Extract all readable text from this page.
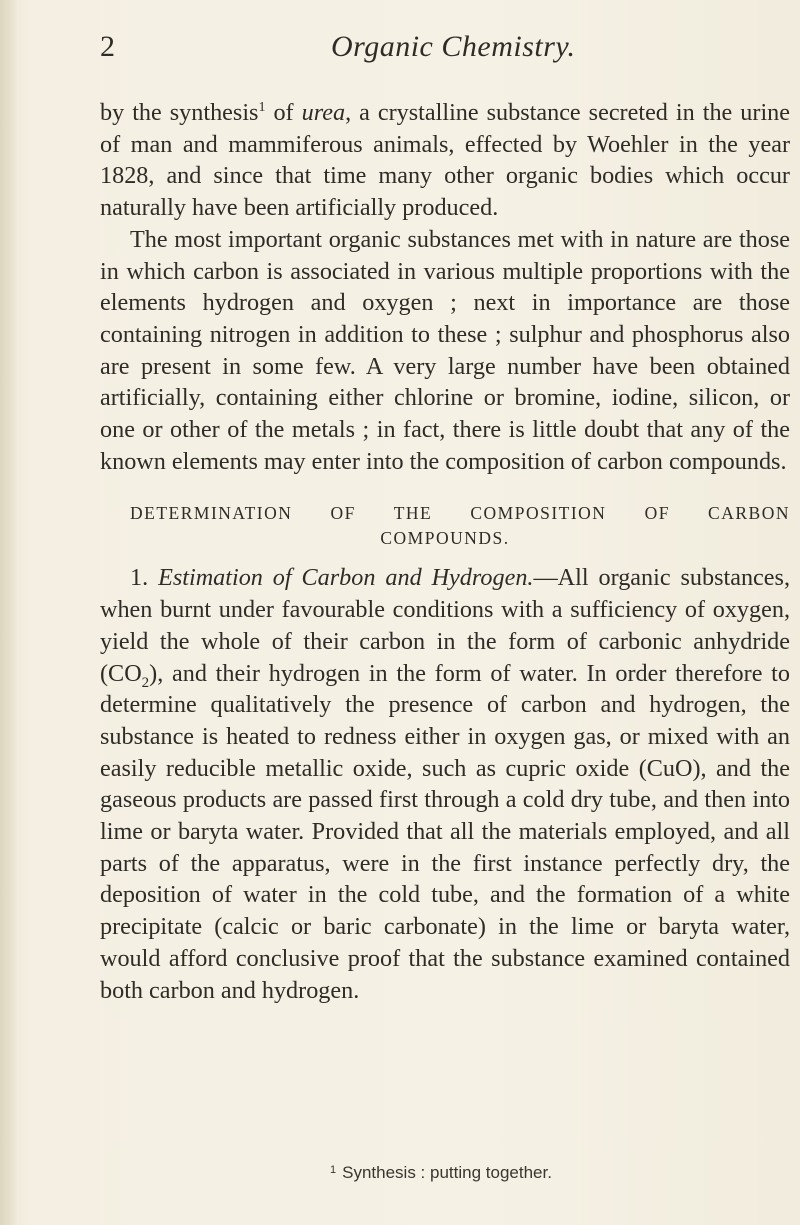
2	Organic Chemistry.

by the synthesis$^1$ of urea, a crystalline substance secreted in the urine of man and mammiferous animals, effected by Woehler in the year 1828, and since that time many other organic bodies which occur naturally have been artificially produced.

The most important organic substances met with in nature are those in which carbon is associated in various multiple proportions with the elements hydrogen and oxygen ; next in importance are those containing nitrogen in addition to these ; sulphur and phosphorus also are present in some few. A very large number have been obtained artificially, containing either chlorine or bromine, iodine, silicon, or one or other of the metals ; in fact, there is little doubt that any of the known elements may enter into the composition of carbon compounds.

DETERMINATION OF THE COMPOSITION OF CARBON
COMPOUNDS.

1. Estimation of Carbon and Hydrogen.—All organic substances, when burnt under favourable conditions with a sufficiency of oxygen, yield the whole of their carbon in the form of carbonic anhydride $(CO_2)$, and their hydrogen in the form of water. In order therefore to determine qualitatively the presence of carbon and hydrogen, the substance is heated to redness either in oxygen gas, or mixed with an easily reducible metallic oxide, such as cupric oxide (CuO), and the gaseous products are passed first through a cold dry tube, and then into lime or baryta water. Provided that all the materials employed, and all parts of the apparatus, were in the first instance perfectly dry, the deposition of water in the cold tube, and the formation of a white precipitate (calcic or baric carbonate) in the lime or baryta water, would afford conclusive proof that the substance examined contained both carbon and hydrogen.

$^1$ Synthesis : putting together.
